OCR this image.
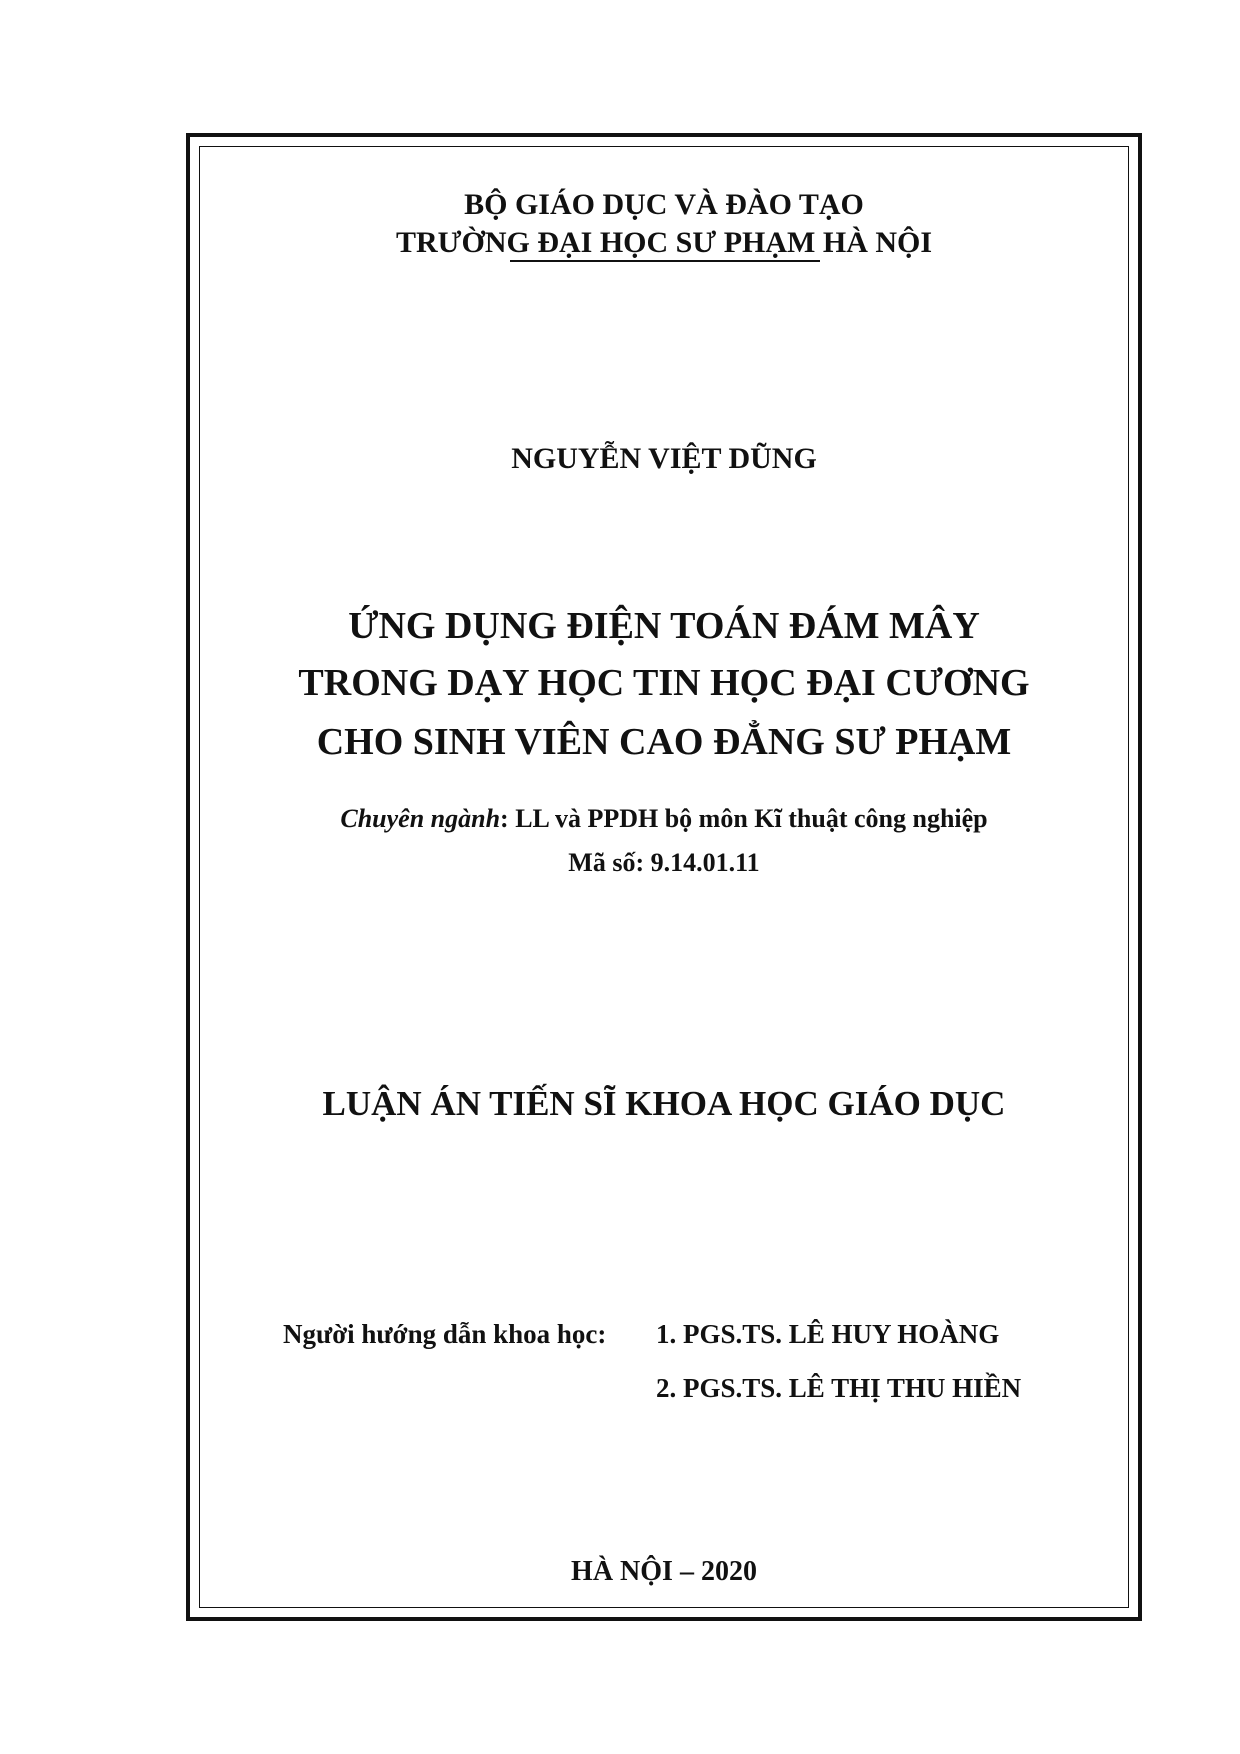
BỘ GIÁO DỤC VÀ ĐÀO TẠO
TRƯỜNG ĐẠI HỌC SƯ PHẠM HÀ NỘI
NGUYỄN VIỆT DŨNG
ỨNG DỤNG ĐIỆN TOÁN ĐÁM MÂY
TRONG DẠY HỌC TIN HỌC ĐẠI CƯƠNG
CHO SINH VIÊN CAO ĐẲNG SƯ PHẠM
Chuyên ngành: LL và PPDH bộ môn Kĩ thuật công nghiệp
Mã số: 9.14.01.11
LUẬN ÁN TIẾN SĨ KHOA HỌC GIÁO DỤC
Người hướng dẫn khoa học: 1. PGS.TS. LÊ HUY HOÀNG
2. PGS.TS. LÊ THỊ THU HIỀN
HÀ NỘI – 2020
